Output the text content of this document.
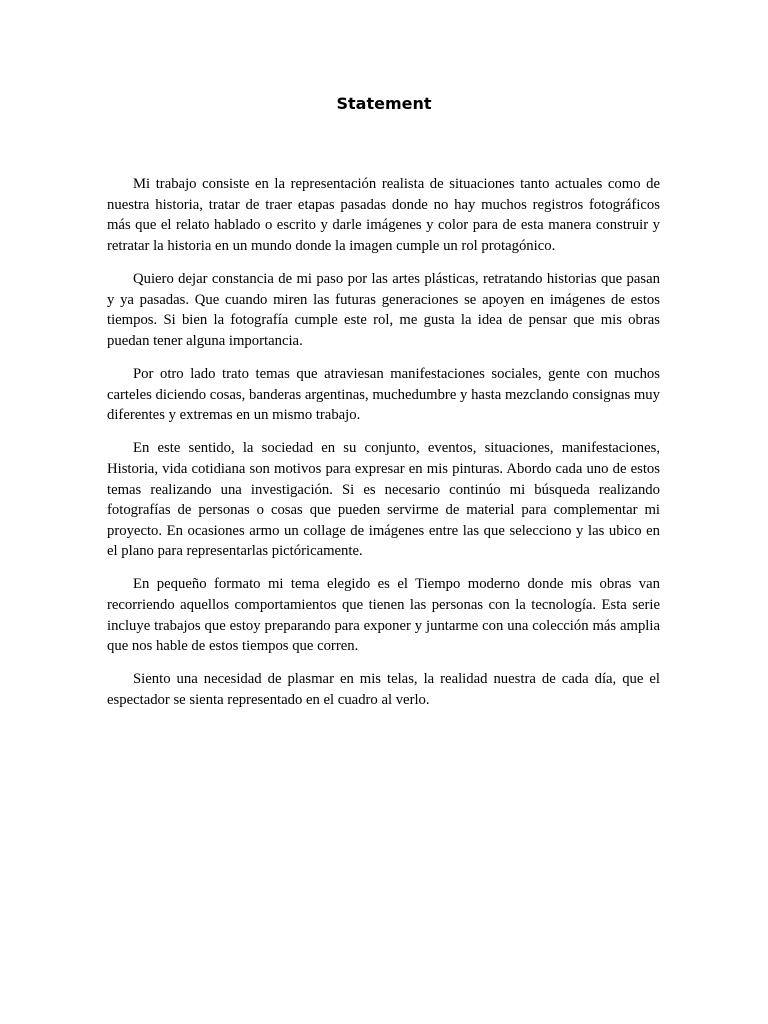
Statement

Mi trabajo consiste en la representación realista de situaciones tanto actuales como de nuestra historia, tratar de traer etapas pasadas donde no hay muchos registros fotográficos más que el relato hablado o escrito y darle imágenes y color para de esta manera construir y retratar la historia en un mundo donde la imagen cumple un rol protagónico.

Quiero dejar constancia de mi paso por las artes plásticas, retratando historias que pasan y ya pasadas. Que cuando miren las futuras generaciones se apoyen en imágenes de estos tiempos. Si bien la fotografía cumple este rol, me gusta la idea de pensar que mis obras puedan tener alguna importancia.

Por otro lado trato temas que atraviesan manifestaciones sociales, gente con muchos carteles diciendo cosas, banderas argentinas, muchedumbre y hasta mezclando consignas muy diferentes y extremas en un mismo trabajo.

En este sentido, la sociedad en su conjunto, eventos, situaciones, manifestaciones, Historia, vida cotidiana son motivos para expresar en mis pinturas. Abordo cada uno de estos temas realizando una investigación. Si es necesario continúo mi búsqueda realizando fotografías de personas o cosas que pueden servirme de material para complementar mi proyecto. En ocasiones armo un collage de imágenes entre las que selecciono y las ubico en el plano para representarlas pictóricamente.

En pequeño formato mi tema elegido es el Tiempo moderno donde mis obras van recorriendo aquellos comportamientos que tienen las personas con la tecnología. Esta serie incluye trabajos que estoy preparando para exponer y juntarme con una colección más amplia que nos hable de estos tiempos que corren.

Siento una necesidad de plasmar en mis telas, la realidad nuestra de cada día, que el espectador se sienta representado en el cuadro al verlo.
